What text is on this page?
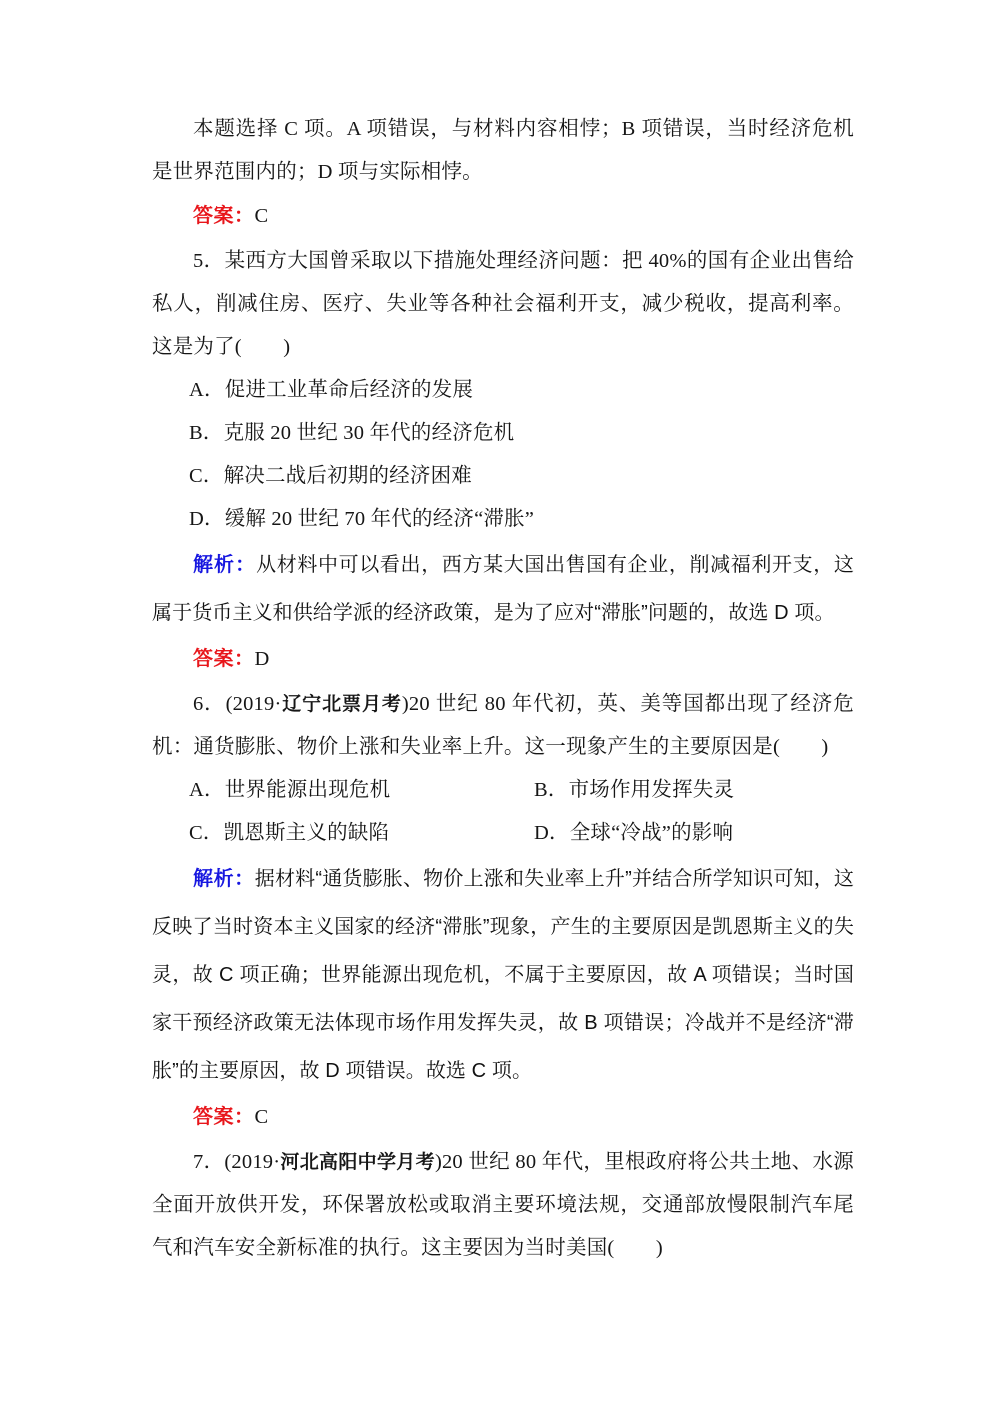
本题选择 C 项。A 项错误，与材料内容相悖；B 项错误，当时经济危机是世界范围内的；D 项与实际相悖。

答案：C

5．某西方大国曾采取以下措施处理经济问题：把 40%的国有企业出售给私人，削减住房、医疗、失业等各种社会福利开支，减少税收，提高利率。这是为了(　　)

A．促进工业革命后经济的发展

B．克服 20 世纪 30 年代的经济危机

C．解决二战后初期的经济困难

D．缓解 20 世纪 70 年代的经济“滞胀”

解析：从材料中可以看出，西方某大国出售国有企业，削减福利开支，这属于货币主义和供给学派的经济政策，是为了应对“滞胀”问题的，故选 D 项。

答案：D

6．(2019·辽宁北票月考)20 世纪 80 年代初，英、美等国都出现了经济危机：通货膨胀、物价上涨和失业率上升。这一现象产生的主要原因是(　　)

A．世界能源出现危机	B．市场作用发挥失灵
C．凯恩斯主义的缺陷	D．全球“冷战”的影响

解析：据材料“通货膨胀、物价上涨和失业率上升”并结合所学知识可知，这反映了当时资本主义国家的经济“滞胀”现象，产生的主要原因是凯恩斯主义的失灵，故 C 项正确；世界能源出现危机，不属于主要原因，故 A 项错误；当时国家干预经济政策无法体现市场作用发挥失灵，故 B 项错误；冷战并不是经济“滞胀”的主要原因，故 D 项错误。故选 C 项。

答案：C

7．(2019·河北高阳中学月考)20 世纪 80 年代，里根政府将公共土地、水源全面开放供开发，环保署放松或取消主要环境法规，交通部放慢限制汽车尾气和汽车安全新标准的执行。这主要因为当时美国(　　)
